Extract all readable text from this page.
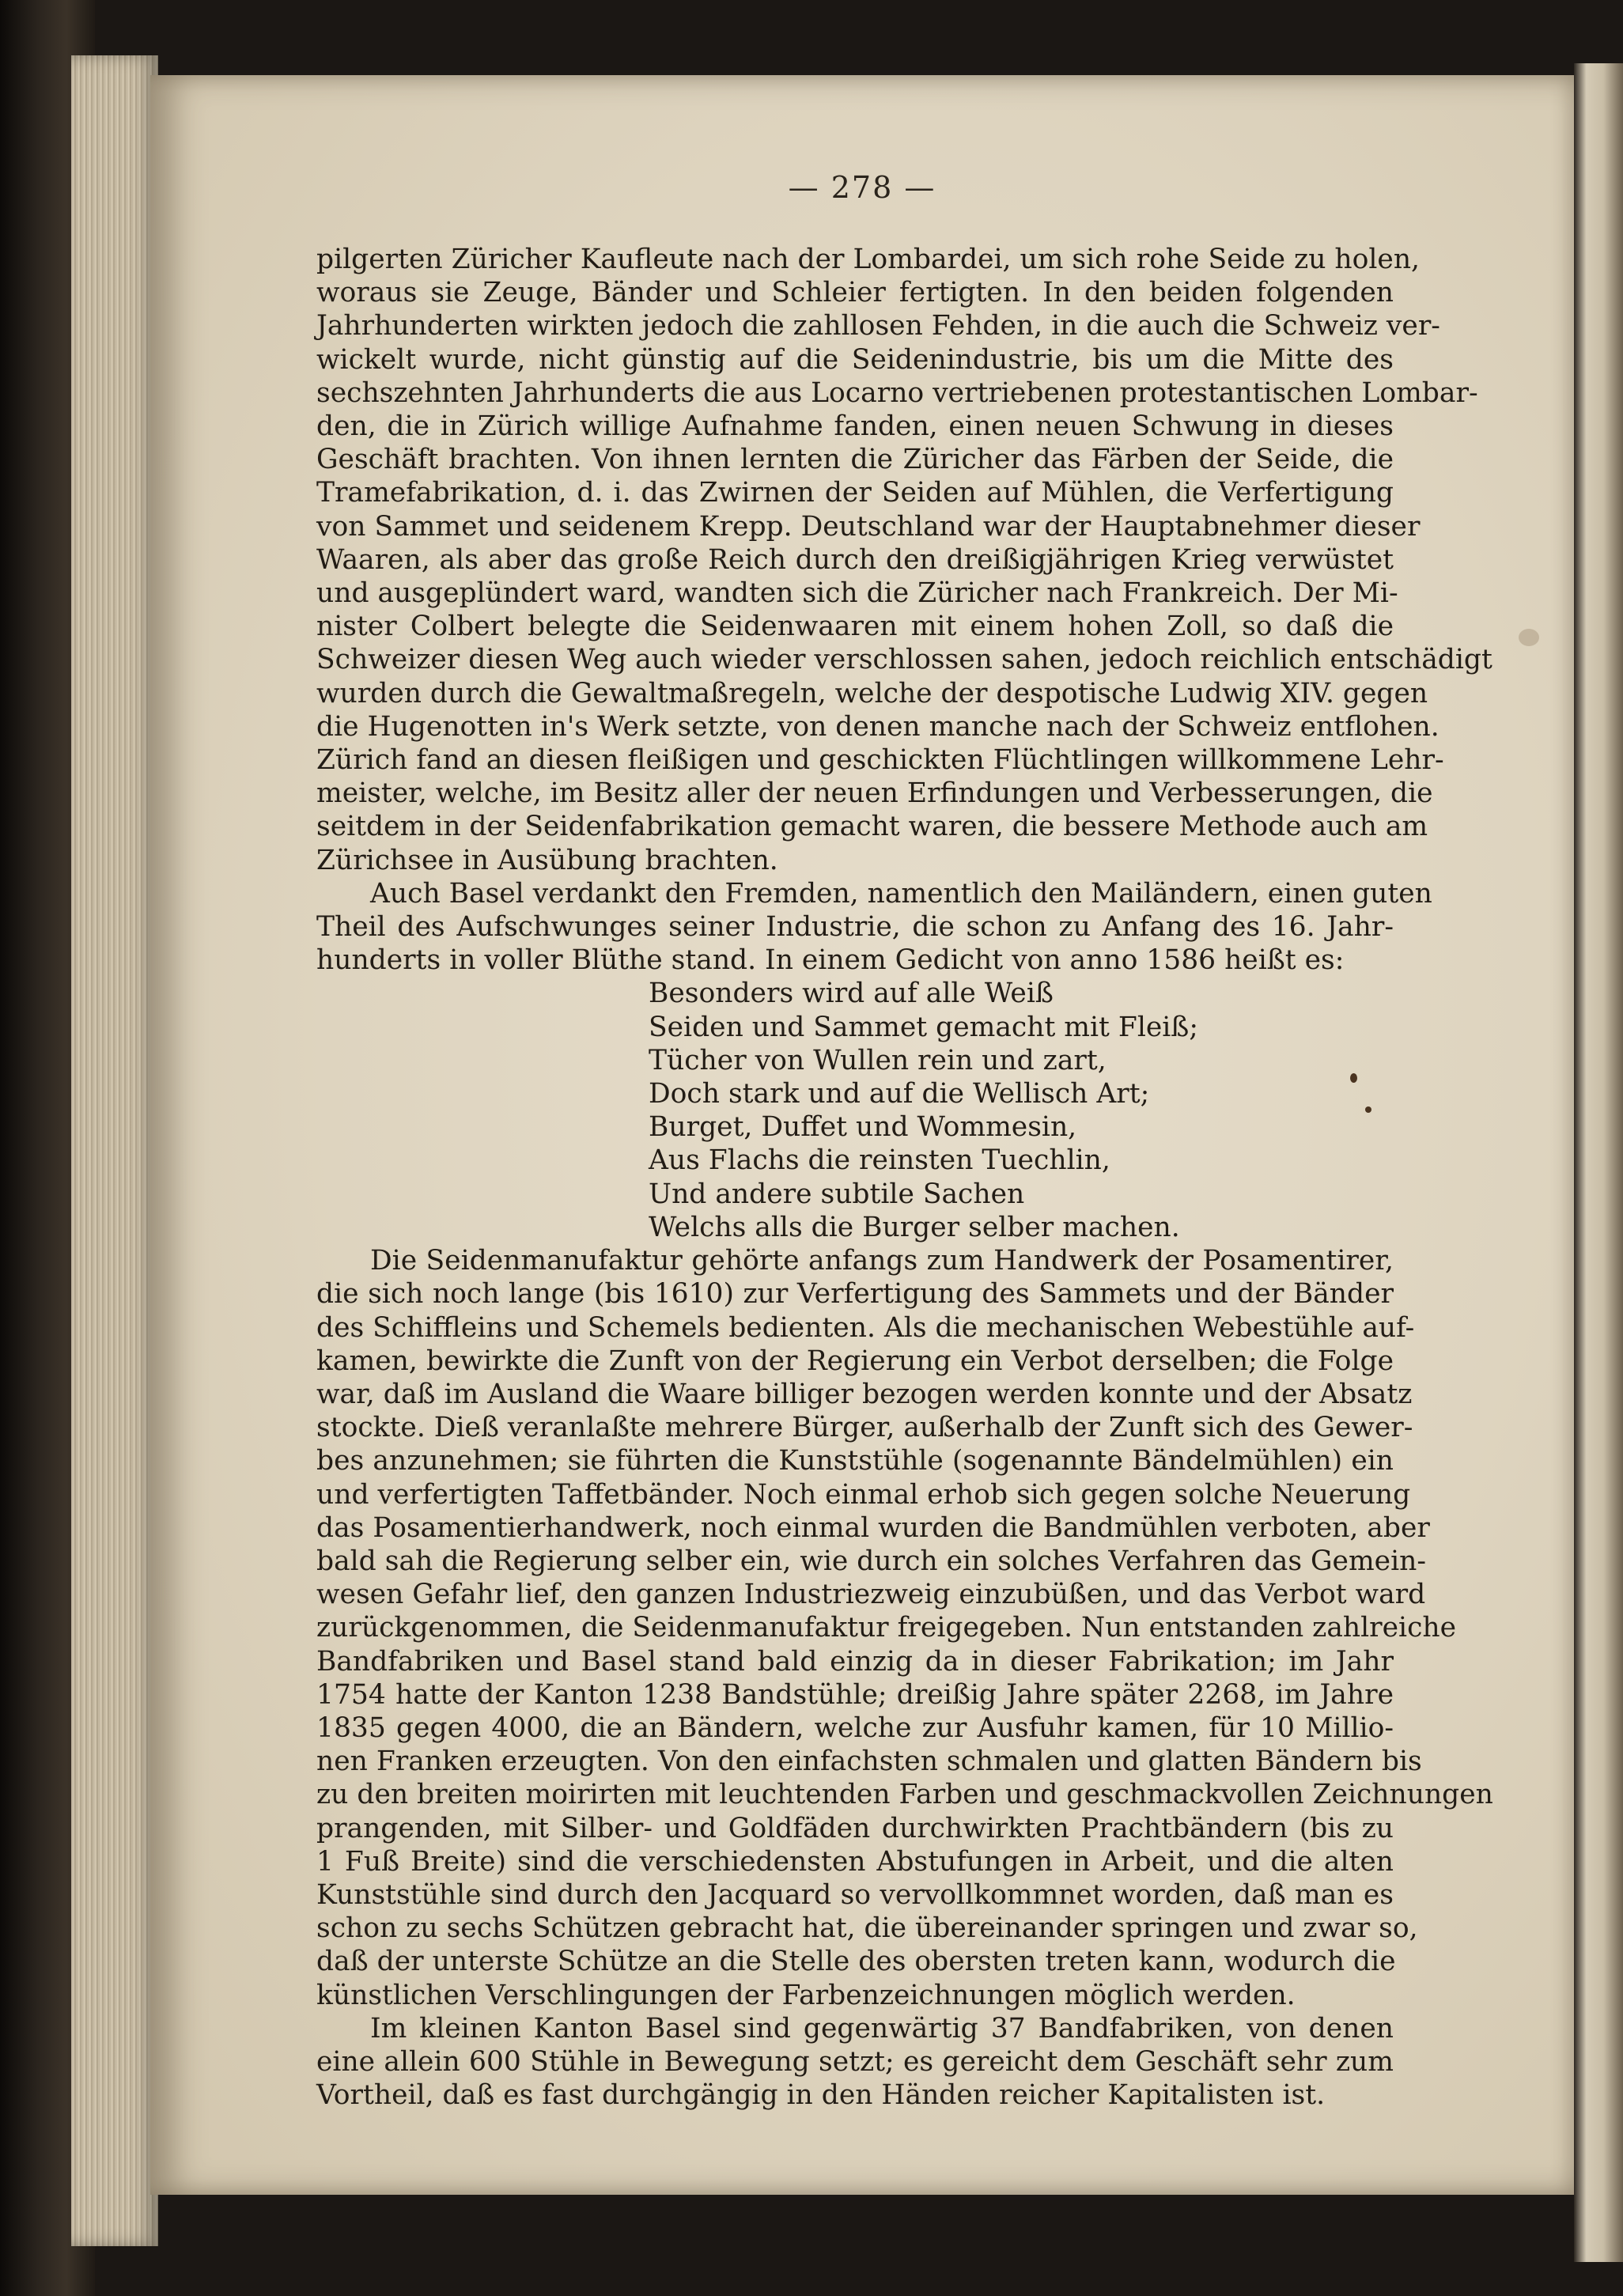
— 278 —

pilgerten Züricher Kaufleute nach der Lombardei, um sich rohe Seide zu holen,
woraus sie Zeuge, Bänder und Schleier fertigten. In den beiden folgenden
Jahrhunderten wirkten jedoch die zahllosen Fehden, in die auch die Schweiz ver-
wickelt wurde, nicht günstig auf die Seidenindustrie, bis um die Mitte des
sechszehnten Jahrhunderts die aus Locarno vertriebenen protestantischen Lombar-
den, die in Zürich willige Aufnahme fanden, einen neuen Schwung in dieses
Geschäft brachten. Von ihnen lernten die Züricher das Färben der Seide, die
Tramefabrikation, d. i. das Zwirnen der Seiden auf Mühlen, die Verfertigung
von Sammet und seidenem Krepp. Deutschland war der Hauptabnehmer dieser
Waaren, als aber das große Reich durch den dreißigjährigen Krieg verwüstet
und ausgeplündert ward, wandten sich die Züricher nach Frankreich. Der Mi-
nister Colbert belegte die Seidenwaaren mit einem hohen Zoll, so daß die
Schweizer diesen Weg auch wieder verschlossen sahen, jedoch reichlich entschädigt
wurden durch die Gewaltmaßregeln, welche der despotische Ludwig XIV. gegen
die Hugenotten in's Werk setzte, von denen manche nach der Schweiz entflohen.
Zürich fand an diesen fleißigen und geschickten Flüchtlingen willkommene Lehr-
meister, welche, im Besitz aller der neuen Erfindungen und Verbesserungen, die
seitdem in der Seidenfabrikation gemacht waren, die bessere Methode auch am
Zürichsee in Ausübung brachten.

Auch Basel verdankt den Fremden, namentlich den Mailändern, einen guten
Theil des Aufschwunges seiner Industrie, die schon zu Anfang des 16. Jahr-
hunderts in voller Blüthe stand. In einem Gedicht von anno 1586 heißt es:

Besonders wird auf alle Weiß
Seiden und Sammet gemacht mit Fleiß;
Tücher von Wullen rein und zart,
Doch stark und auf die Wellisch Art;
Burget, Duffet und Wommesin,
Aus Flachs die reinsten Tuechlin,
Und andere subtile Sachen
Welchs alls die Burger selber machen.

Die Seidenmanufaktur gehörte anfangs zum Handwerk der Posamentirer,
die sich noch lange (bis 1610) zur Verfertigung des Sammets und der Bänder
des Schiffleins und Schemels bedienten. Als die mechanischen Webestühle auf-
kamen, bewirkte die Zunft von der Regierung ein Verbot derselben; die Folge
war, daß im Ausland die Waare billiger bezogen werden konnte und der Absatz
stockte. Dieß veranlaßte mehrere Bürger, außerhalb der Zunft sich des Gewer-
bes anzunehmen; sie führten die Kunststühle (sogenannte Bändelmühlen) ein
und verfertigten Taffetbänder. Noch einmal erhob sich gegen solche Neuerung
das Posamentierhandwerk, noch einmal wurden die Bandmühlen verboten, aber
bald sah die Regierung selber ein, wie durch ein solches Verfahren das Gemein-
wesen Gefahr lief, den ganzen Industriezweig einzubüßen, und das Verbot ward
zurückgenommen, die Seidenmanufaktur freigegeben. Nun entstanden zahlreiche
Bandfabriken und Basel stand bald einzig da in dieser Fabrikation; im Jahr
1754 hatte der Kanton 1238 Bandstühle; dreißig Jahre später 2268, im Jahre
1835 gegen 4000, die an Bändern, welche zur Ausfuhr kamen, für 10 Millio-
nen Franken erzeugten. Von den einfachsten schmalen und glatten Bändern bis
zu den breiten moirirten mit leuchtenden Farben und geschmackvollen Zeichnungen
prangenden, mit Silber- und Goldfäden durchwirkten Prachtbändern (bis zu
1 Fuß Breite) sind die verschiedensten Abstufungen in Arbeit, und die alten
Kunststühle sind durch den Jacquard so vervollkommnet worden, daß man es
schon zu sechs Schützen gebracht hat, die übereinander springen und zwar so,
daß der unterste Schütze an die Stelle des obersten treten kann, wodurch die
künstlichen Verschlingungen der Farbenzeichnungen möglich werden.

Im kleinen Kanton Basel sind gegenwärtig 37 Bandfabriken, von denen
eine allein 600 Stühle in Bewegung setzt; es gereicht dem Geschäft sehr zum
Vortheil, daß es fast durchgängig in den Händen reicher Kapitalisten ist.
